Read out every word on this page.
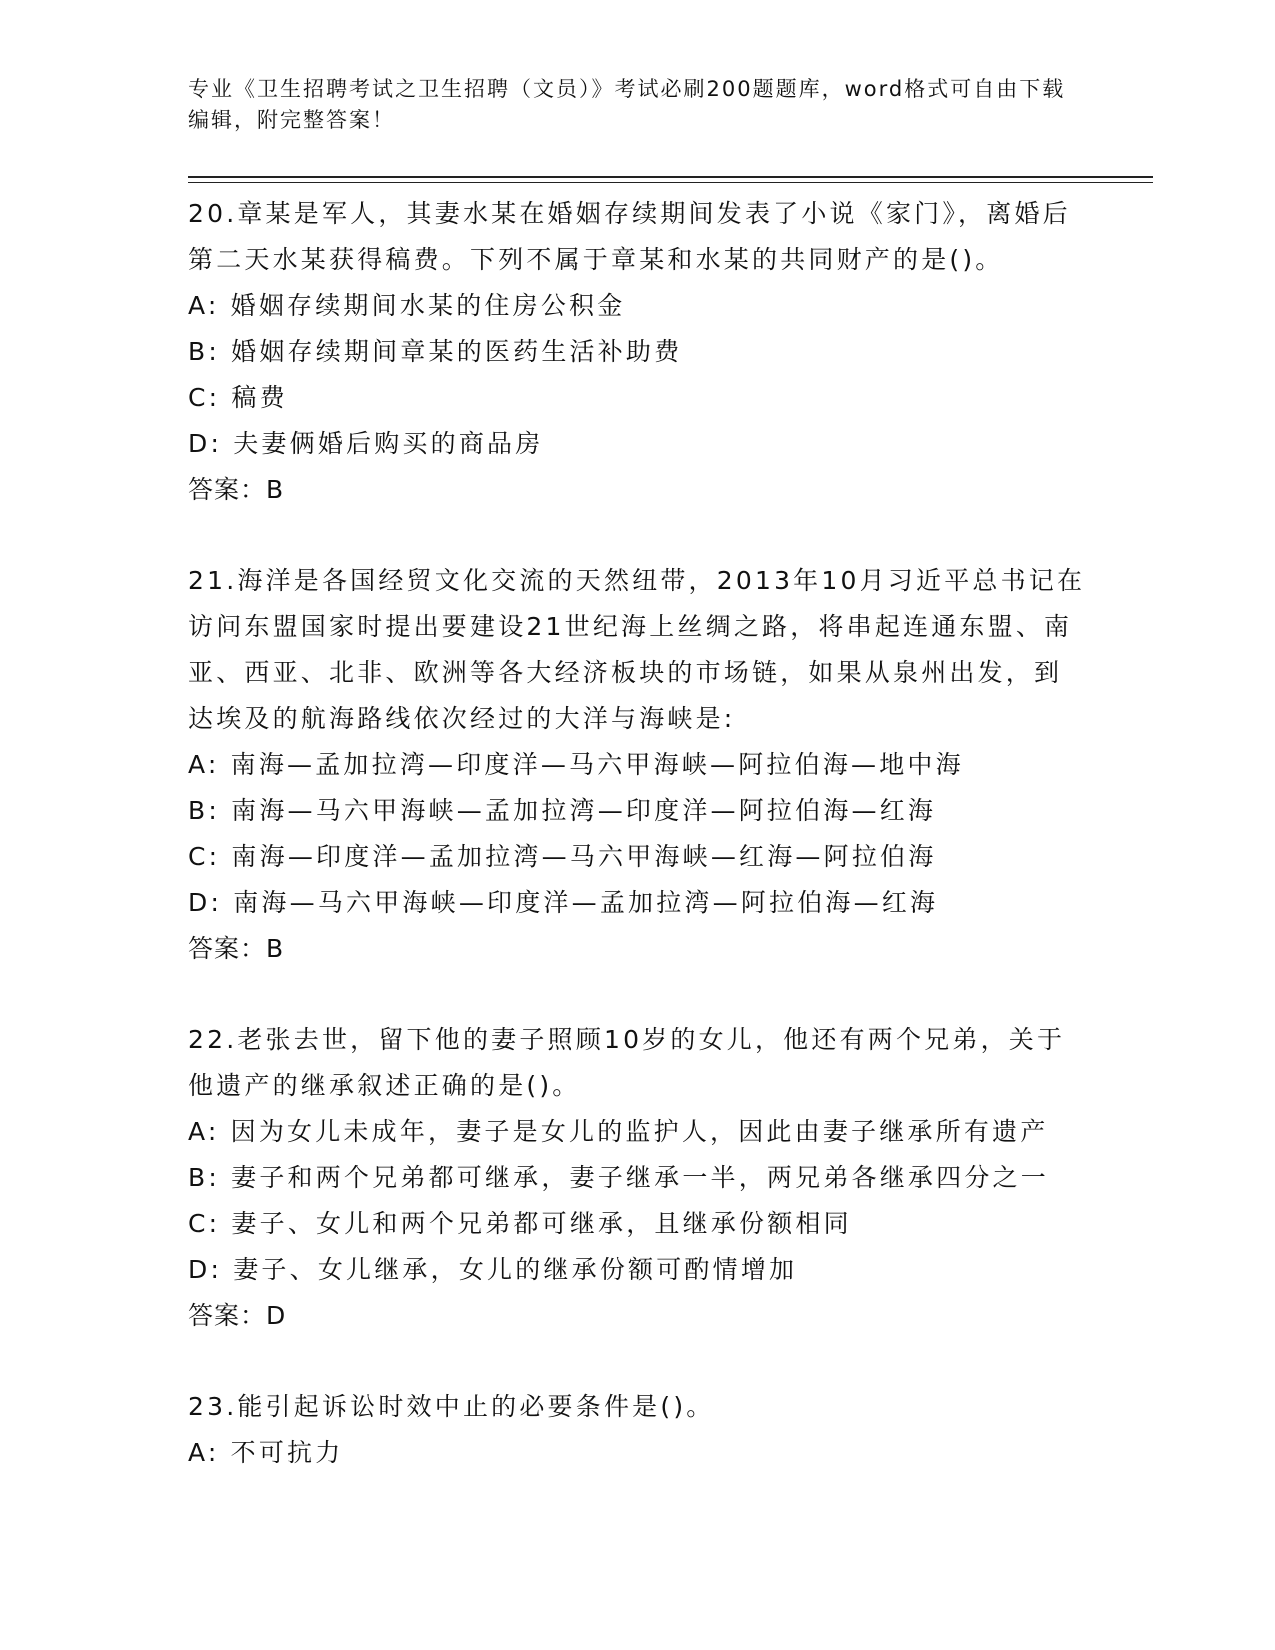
专业《卫生招聘考试之卫生招聘（文员）》考试必刷200题题库，word格式可自由下载编辑，附完整答案！
20.章某是军人，其妻水某在婚姻存续期间发表了小说《家门》，离婚后第二天水某获得稿费。下列不属于章某和水某的共同财产的是()。
A: 婚姻存续期间水某的住房公积金
B: 婚姻存续期间章某的医药生活补助费
C: 稿费
D: 夫妻俩婚后购买的商品房
答案：B
21.海洋是各国经贸文化交流的天然纽带，2013年10月习近平总书记在访问东盟国家时提出要建设21世纪海上丝绸之路，将串起连通东盟、南亚、西亚、北非、欧洲等各大经济板块的市场链，如果从泉州出发，到达埃及的航海路线依次经过的大洋与海峡是:
A: 南海—孟加拉湾—印度洋—马六甲海峡—阿拉伯海—地中海
B: 南海—马六甲海峡—孟加拉湾—印度洋—阿拉伯海—红海
C: 南海—印度洋—孟加拉湾—马六甲海峡—红海—阿拉伯海
D: 南海—马六甲海峡—印度洋—孟加拉湾—阿拉伯海—红海
答案：B
22.老张去世，留下他的妻子照顾10岁的女儿，他还有两个兄弟，关于他遗产的继承叙述正确的是()。
A: 因为女儿未成年，妻子是女儿的监护人，因此由妻子继承所有遗产
B: 妻子和两个兄弟都可继承，妻子继承一半，两兄弟各继承四分之一
C: 妻子、女儿和两个兄弟都可继承，且继承份额相同
D: 妻子、女儿继承，女儿的继承份额可酌情增加
答案：D
23.能引起诉讼时效中止的必要条件是()。
A: 不可抗力
